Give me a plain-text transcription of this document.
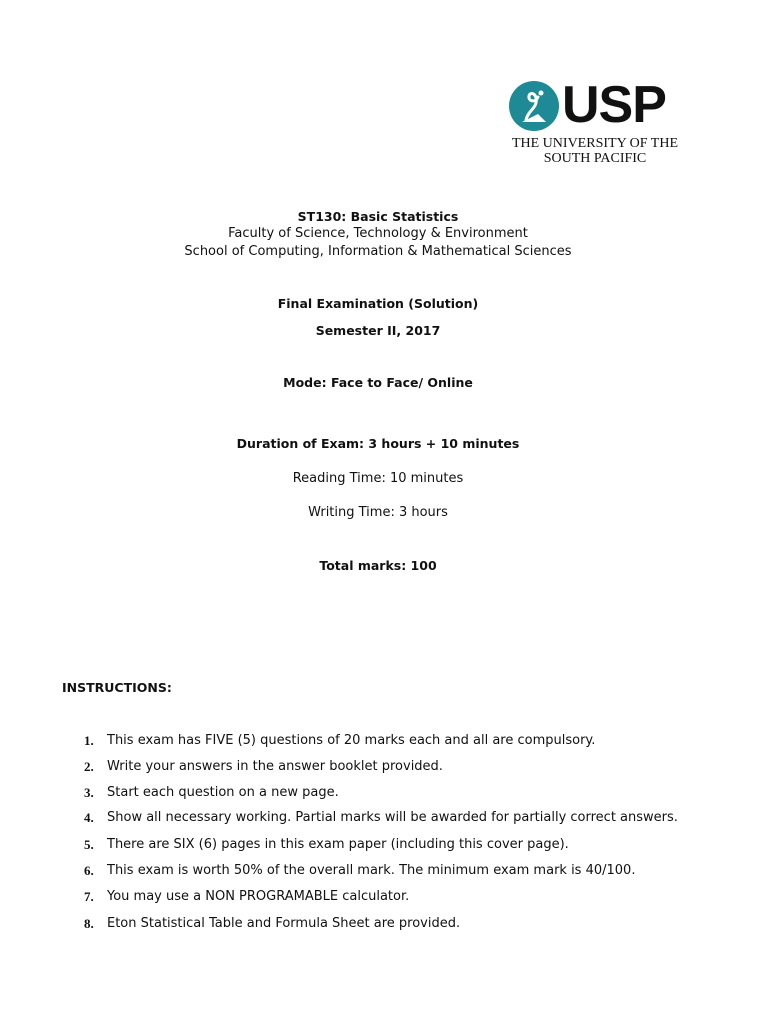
USP
THE UNIVERSITY OF THE
SOUTH PACIFIC
ST130: Basic Statistics
Faculty of Science, Technology & Environment
School of Computing, Information & Mathematical Sciences
Final Examination (Solution)
Semester II, 2017
Mode: Face to Face/ Online
Duration of Exam: 3 hours + 10 minutes
Reading Time: 10 minutes
Writing Time: 3 hours
Total marks: 100
INSTRUCTIONS:
1.	This exam has FIVE (5) questions of 20 marks each and all are compulsory.
2.	Write your answers in the answer booklet provided.
3.	Start each question on a new page.
4.	Show all necessary working. Partial marks will be awarded for partially correct answers.
5.	There are SIX (6) pages in this exam paper (including this cover page).
6.	This exam is worth 50% of the overall mark. The minimum exam mark is 40/100.
7.	You may use a NON PROGRAMABLE calculator.
8.	Eton Statistical Table and Formula Sheet are provided.
